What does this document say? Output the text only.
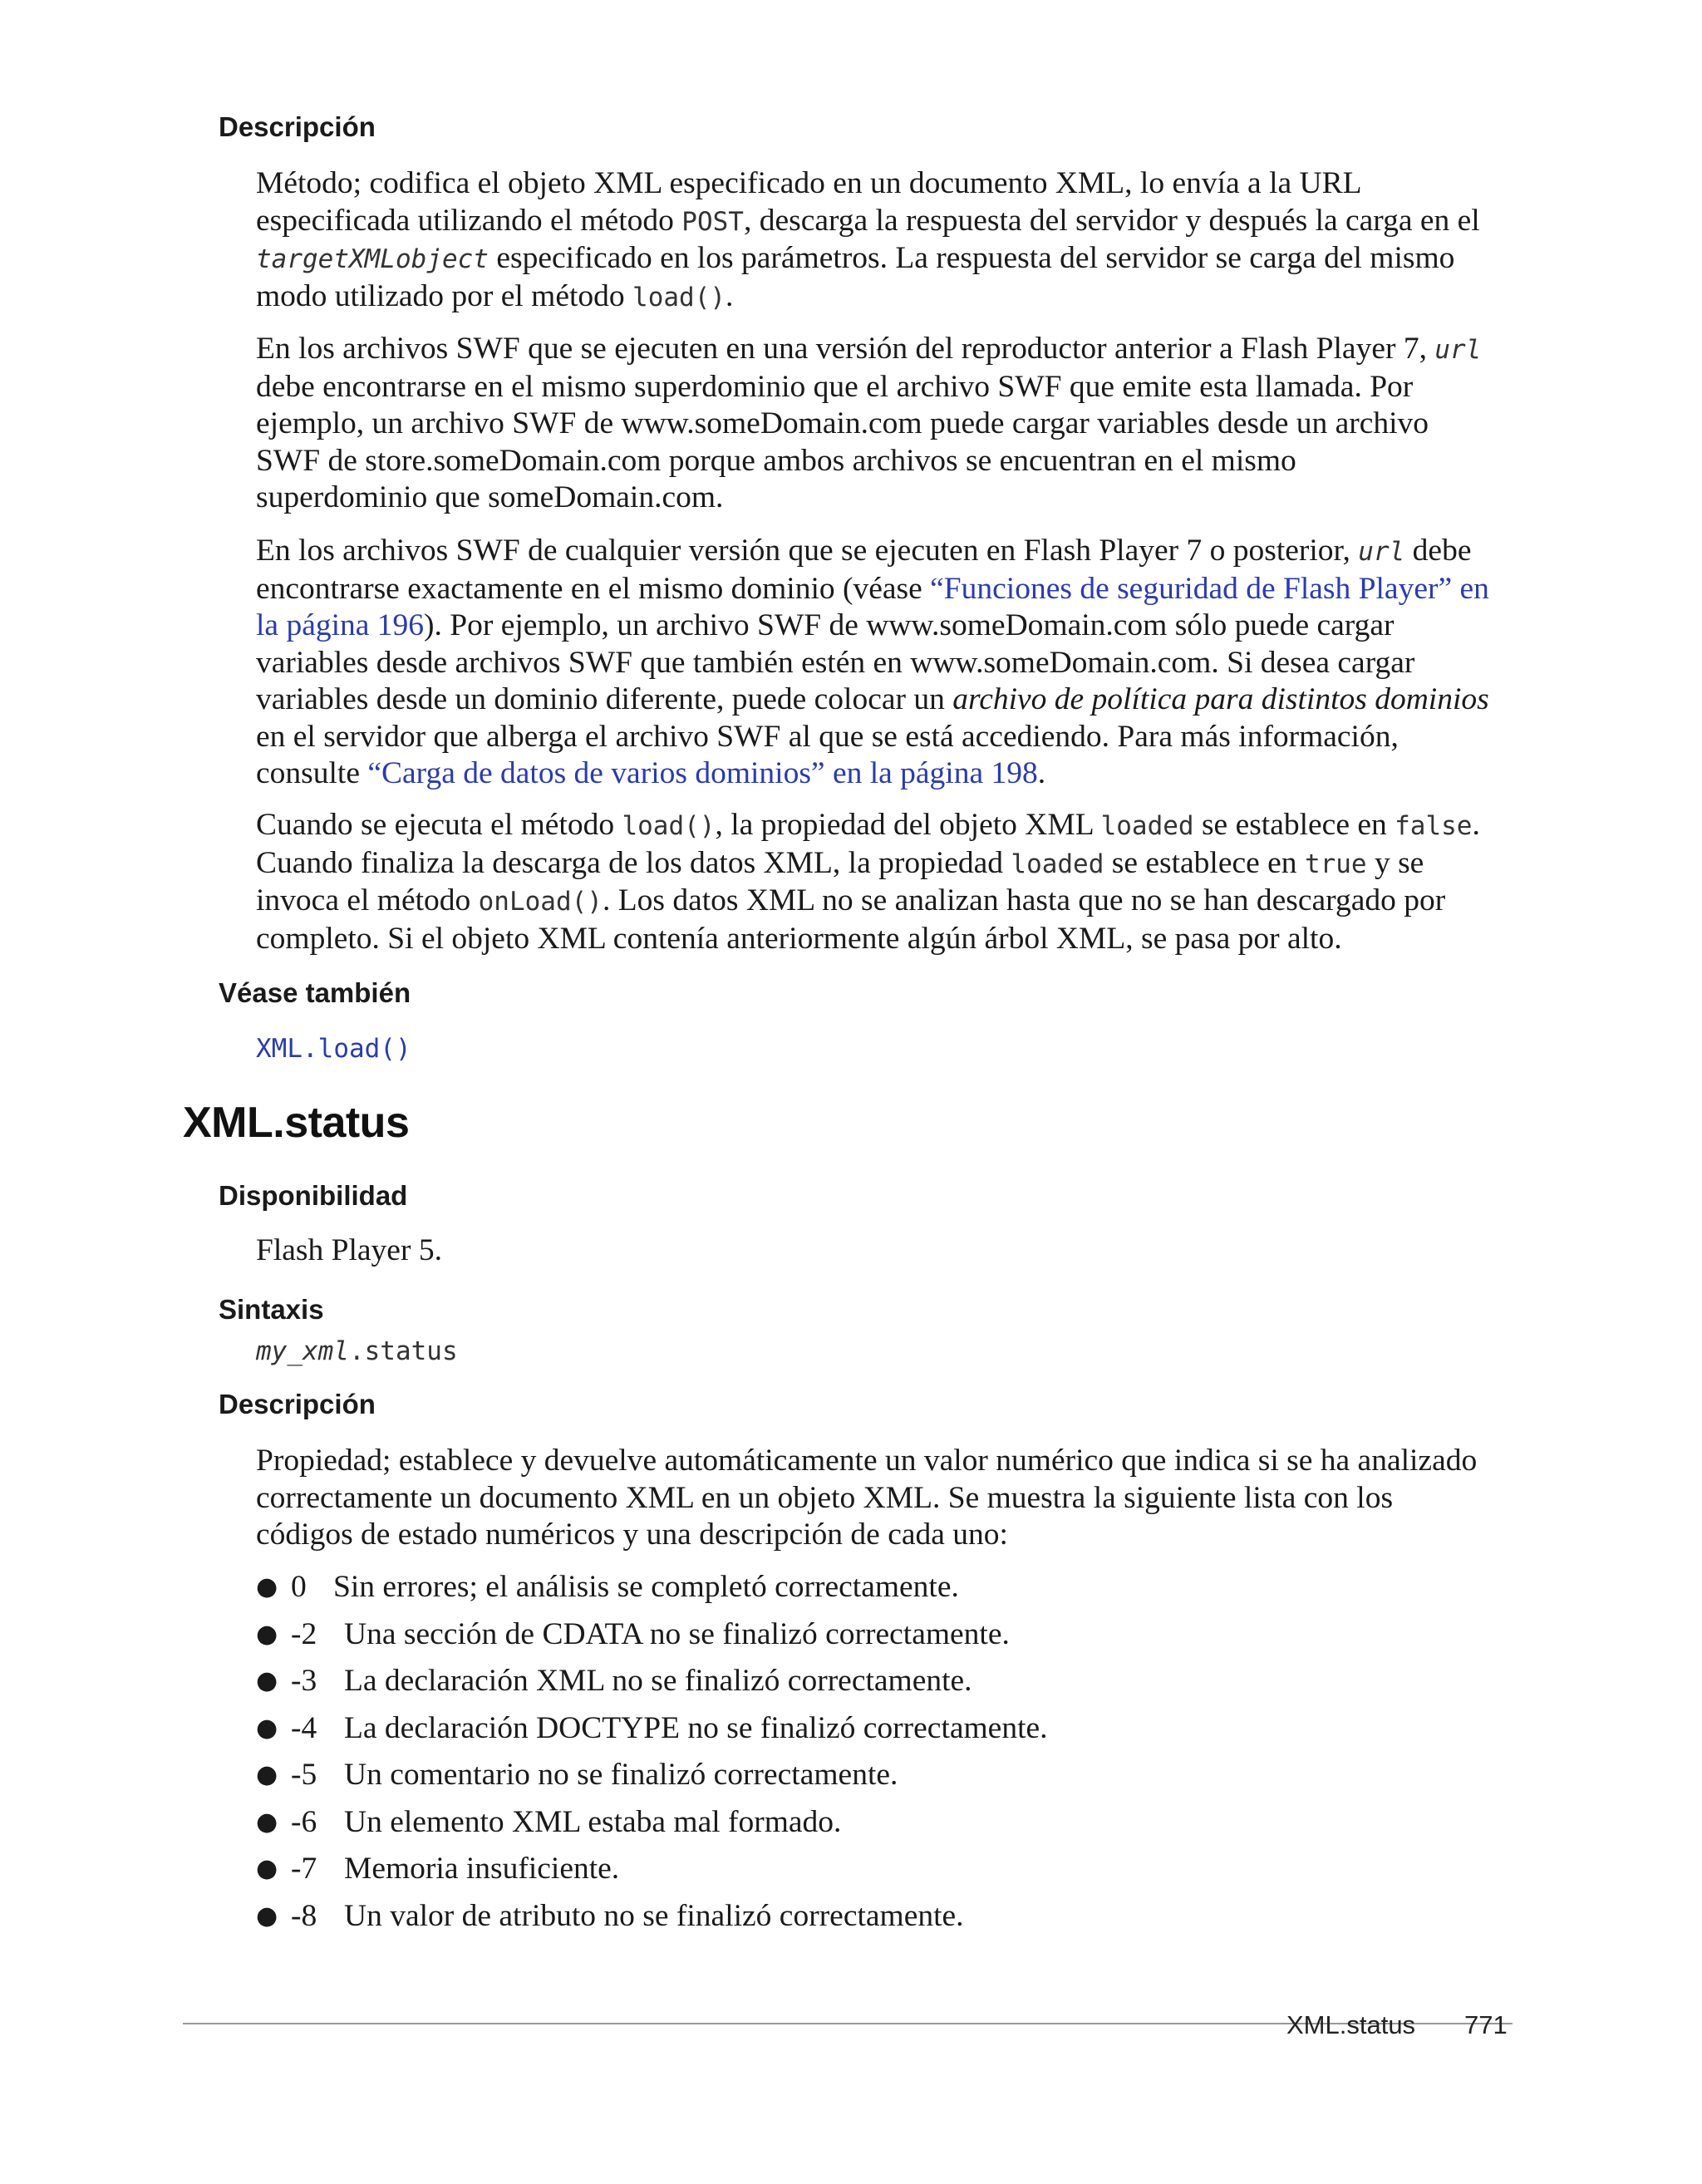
Descripción
Método; codifica el objeto XML especificado en un documento XML, lo envía a la URL
especificada utilizando el método POST, descarga la respuesta del servidor y después la carga en el
targetXMLobject especificado en los parámetros. La respuesta del servidor se carga del mismo
modo utilizado por el método load().
En los archivos SWF que se ejecuten en una versión del reproductor anterior a Flash Player 7, url
debe encontrarse en el mismo superdominio que el archivo SWF que emite esta llamada. Por
ejemplo, un archivo SWF de www.someDomain.com puede cargar variables desde un archivo
SWF de store.someDomain.com porque ambos archivos se encuentran en el mismo
superdominio que someDomain.com.
En los archivos SWF de cualquier versión que se ejecuten en Flash Player 7 o posterior, url debe
encontrarse exactamente en el mismo dominio (véase “Funciones de seguridad de Flash Player” en
la página 196). Por ejemplo, un archivo SWF de www.someDomain.com sólo puede cargar
variables desde archivos SWF que también estén en www.someDomain.com. Si desea cargar
variables desde un dominio diferente, puede colocar un archivo de política para distintos dominios
en el servidor que alberga el archivo SWF al que se está accediendo. Para más información,
consulte “Carga de datos de varios dominios” en la página 198.
Cuando se ejecuta el método load(), la propiedad del objeto XML loaded se establece en false.
Cuando finaliza la descarga de los datos XML, la propiedad loaded se establece en true y se
invoca el método onLoad(). Los datos XML no se analizan hasta que no se han descargado por
completo. Si el objeto XML contenía anteriormente algún árbol XML, se pasa por alto.
Véase también
XML.load()
XML.status
Disponibilidad
Flash Player 5.
Sintaxis
my_xml.status
Descripción
Propiedad; establece y devuelve automáticamente un valor numérico que indica si se ha analizado
correctamente un documento XML en un objeto XML. Se muestra la siguiente lista con los
códigos de estado numéricos y una descripción de cada uno:
● 0 Sin errores; el análisis se completó correctamente.
● -2 Una sección de CDATA no se finalizó correctamente.
● -3 La declaración XML no se finalizó correctamente.
● -4 La declaración DOCTYPE no se finalizó correctamente.
● -5 Un comentario no se finalizó correctamente.
● -6 Un elemento XML estaba mal formado.
● -7 Memoria insuficiente.
● -8 Un valor de atributo no se finalizó correctamente.
XML.status 771
